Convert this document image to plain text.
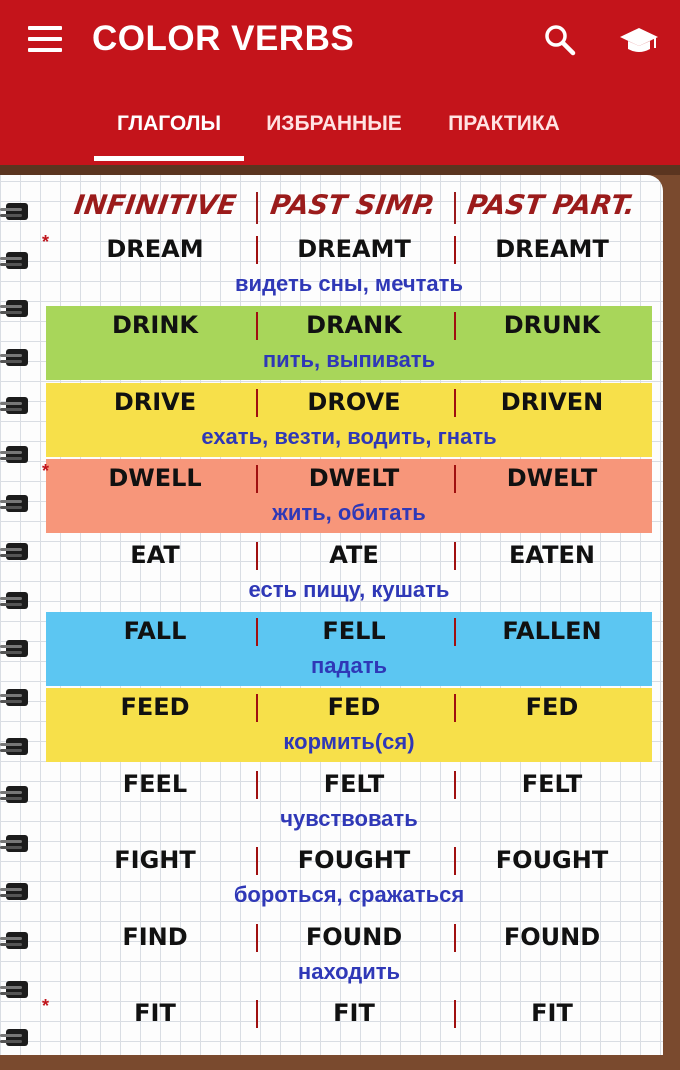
COLOR VERBS
ГЛАГОЛЫ	ИЗБРАННЫЕ	ПРАКТИКА
INFINITIVE	PAST SIMP.	PAST PART.
*	DREAM	DREAMT	DREAMT
видеть сны, мечтать
DRINK	DRANK	DRUNK
пить, выпивать
DRIVE	DROVE	DRIVEN
ехать, везти, водить, гнать
*	DWELL	DWELT	DWELT
жить, обитать
EAT	ATE	EATEN
есть пищу, кушать
FALL	FELL	FALLEN
падать
FEED	FED	FED
кормить(ся)
FEEL	FELT	FELT
чувствовать
FIGHT	FOUGHT	FOUGHT
бороться, сражаться
FIND	FOUND	FOUND
находить
*	FIT	FIT	FIT
